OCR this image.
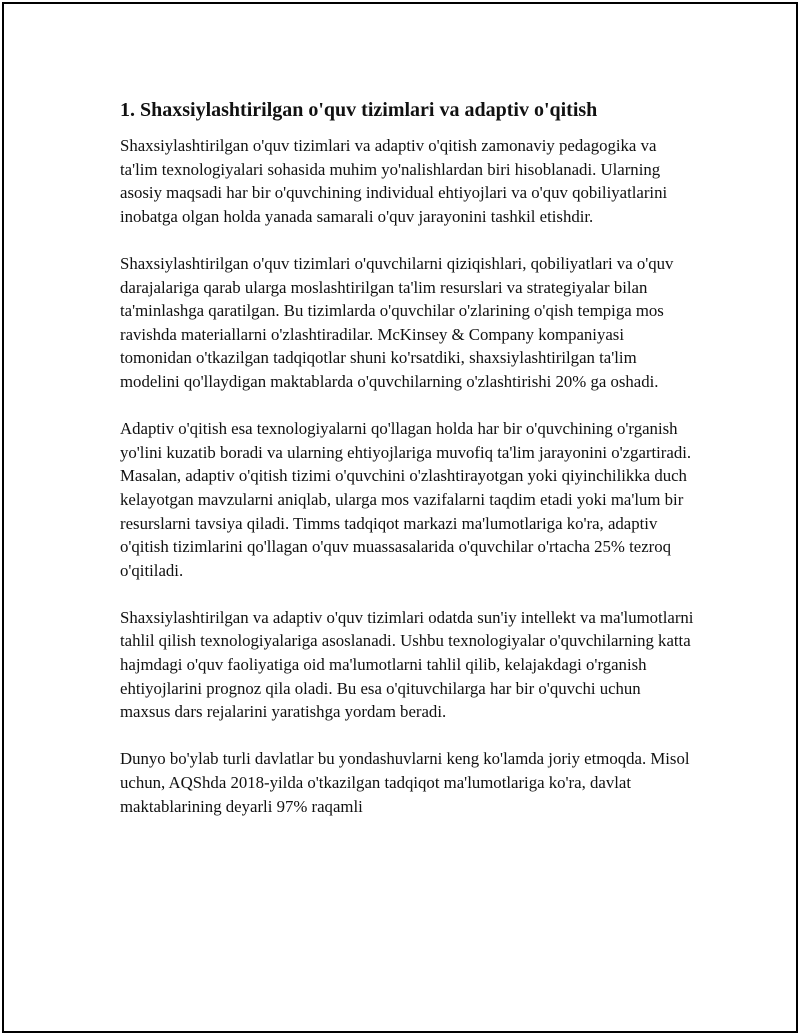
1. Shaxsiylashtirilgan o'quv tizimlari va adaptiv o'qitish

Shaxsiylashtirilgan o'quv tizimlari va adaptiv o'qitish zamonaviy pedagogika va ta'lim texnologiyalari sohasida muhim yo'nalishlardan biri hisoblanadi. Ularning asosiy maqsadi har bir o'quvchining individual ehtiyojlari va o'quv qobiliyatlarini inobatga olgan holda yanada samarali o'quv jarayonini tashkil etishdir.

Shaxsiylashtirilgan o'quv tizimlari o'quvchilarni qiziqishlari, qobiliyatlari va o'quv darajalariga qarab ularga moslashtirilgan ta'lim resurslari va strategiyalar bilan ta'minlashga qaratilgan. Bu tizimlarda o'quvchilar o'zlarining o'qish tempiga mos ravishda materiallarni o'zlashtiradilar. McKinsey & Company kompaniyasi tomonidan o'tkazilgan tadqiqotlar shuni ko'rsatdiki, shaxsiylashtirilgan ta'lim modelini qo'llaydigan maktablarda o'quvchilarning o'zlashtirishi 20% ga oshadi.

Adaptiv o'qitish esa texnologiyalarni qo'llagan holda har bir o'quvchining o'rganish yo'lini kuzatib boradi va ularning ehtiyojlariga muvofiq ta'lim jarayonini o'zgartiradi. Masalan, adaptiv o'qitish tizimi o'quvchini o'zlashtirayotgan yoki qiyinchilikka duch kelayotgan mavzularni aniqlab, ularga mos vazifalarni taqdim etadi yoki ma'lum bir resurslarni tavsiya qiladi. Timms tadqiqot markazi ma'lumotlariga ko'ra, adaptiv o'qitish tizimlarini qo'llagan o'quv muassasalarida o'quvchilar o'rtacha 25% tezroq o'qitiladi.

Shaxsiylashtirilgan va adaptiv o'quv tizimlari odatda sun'iy intellekt va ma'lumotlarni tahlil qilish texnologiyalariga asoslanadi. Ushbu texnologiyalar o'quvchilarning katta hajmdagi o'quv faoliyatiga oid ma'lumotlarni tahlil qilib, kelajakdagi o'rganish ehtiyojlarini prognoz qila oladi. Bu esa o'qituvchilarga har bir o'quvchi uchun maxsus dars rejalarini yaratishga yordam beradi.

Dunyo bo'ylab turli davlatlar bu yondashuvlarni keng ko'lamda joriy etmoqda. Misol uchun, AQShda 2018-yilda o'tkazilgan tadqiqot ma'lumotlariga ko'ra, davlat maktablarining deyarli 97% raqamli
